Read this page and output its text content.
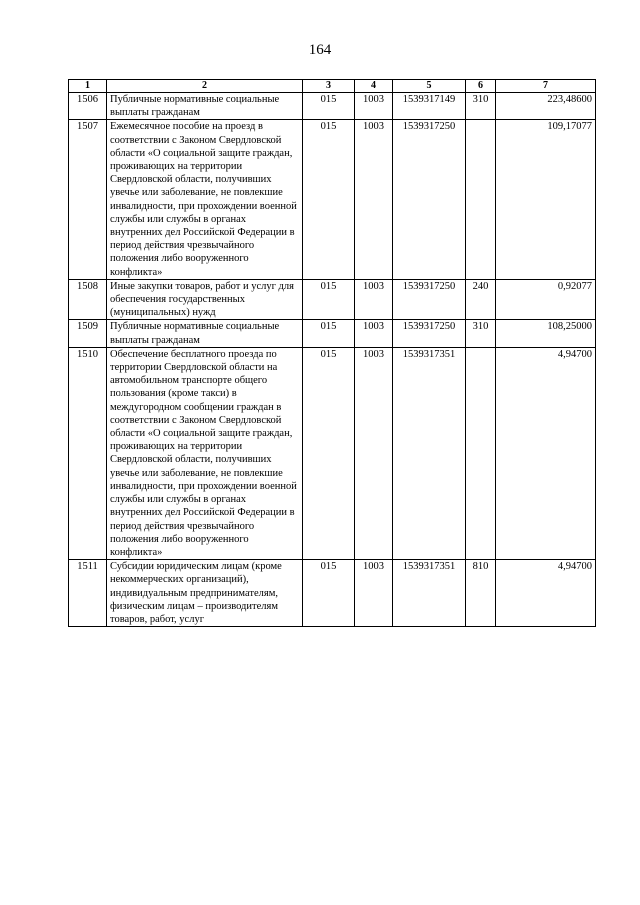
164
1	2	3	4	5	6	7
1506	Публичные нормативные социальные выплаты гражданам	015	1003	1539317149	310	223,48600
1507	Ежемесячное пособие на проезд в соответствии с Законом Свердловской области «О социальной защите граждан, проживающих на территории Свердловской области, получивших увечье или заболевание, не повлекшие инвалидности, при прохождении военной службы или службы в органах внутренних дел Российской Федерации в период действия чрезвычайного положения либо вооруженного конфликта»	015	1003	1539317250		109,17077
1508	Иные закупки товаров, работ и услуг для обеспечения государственных (муниципальных) нужд	015	1003	1539317250	240	0,92077
1509	Публичные нормативные социальные выплаты гражданам	015	1003	1539317250	310	108,25000
1510	Обеспечение бесплатного проезда по территории Свердловской области на автомобильном транспорте общего пользования (кроме такси) в междугородном сообщении граждан в соответствии с Законом Свердловской области «О социальной защите граждан, проживающих на территории Свердловской области, получивших увечье или заболевание, не повлекшие инвалидности, при прохождении военной службы или службы в органах внутренних дел Российской Федерации в период действия чрезвычайного положения либо вооруженного конфликта»	015	1003	1539317351		4,94700
1511	Субсидии юридическим лицам (кроме некоммерческих организаций), индивидуальным предпринимателям, физическим лицам – производителям товаров, работ, услуг	015	1003	1539317351	810	4,94700
